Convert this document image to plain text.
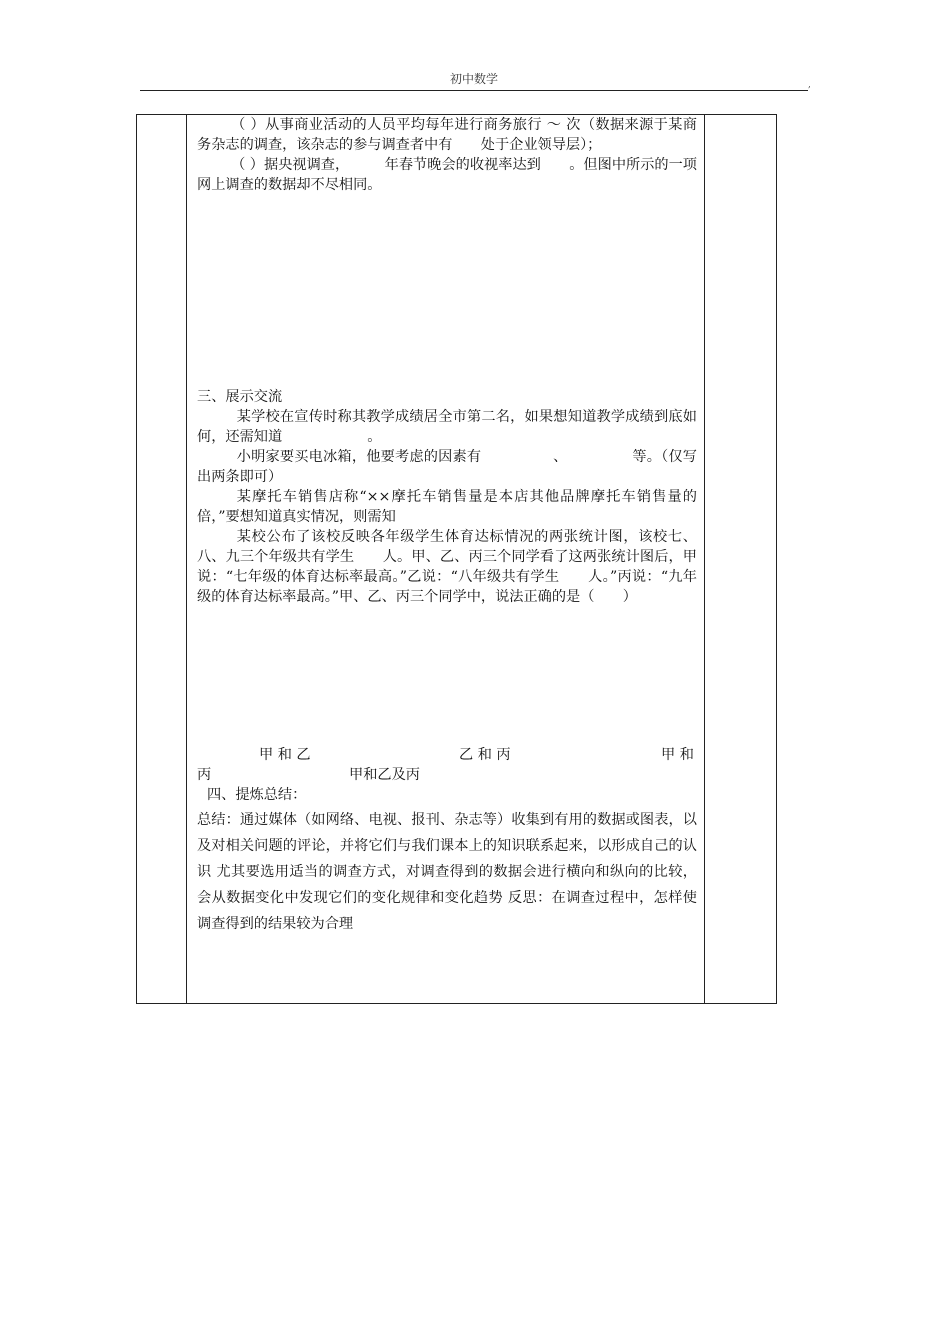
初中数学	,

（ ）从事商业活动的人员平均每年进行商务旅行 ～ 次（数据来源于某商务杂志的调查，该杂志的参与调查者中有　　处于企业领导层）；

（ ）据央视调查，　　　年春节晚会的收视率达到　　。但图中所示的一项网上调查的数据却不尽相同。

三、展示交流

某学校在宣传时称其教学成绩居全市第二名，如果想知道教学成绩到底如何，还需知道　　　　　　。

小明家要买电冰箱，他要考虑的因素有　　　　　、　　　　　等。（仅写出两条即可）

某摩托车销售店称“××摩托车销售量是本店其他品牌摩托车销售量的　倍，”要想知道真实情况，则需知

某校公布了该校反映各年级学生体育达标情况的两张统计图，该校七、八、九三个年级共有学生　　人。甲、乙、丙三个同学看了这两张统计图后，甲说：“七年级的体育达标率最高。”乙说：“八年级共有学生　　人。”丙说：“九年级的体育达标率最高。”甲、乙、丙三个同学中，说法正确的是（　　）

甲 和 乙	乙 和 丙	甲 和
丙	甲和乙及丙

四、提炼总结：

总结：通过媒体（如网络、电视、报刊、杂志等）收集到有用的数据或图表，以及对相关问题的评论，并将它们与我们课本上的知识联系起来，以形成自己的认识 尤其要选用适当的调查方式，对调查得到的数据会进行横向和纵向的比较，会从数据变化中发现它们的变化规律和变化趋势 反思：在调查过程中，怎样使调查得到的结果较为合理
